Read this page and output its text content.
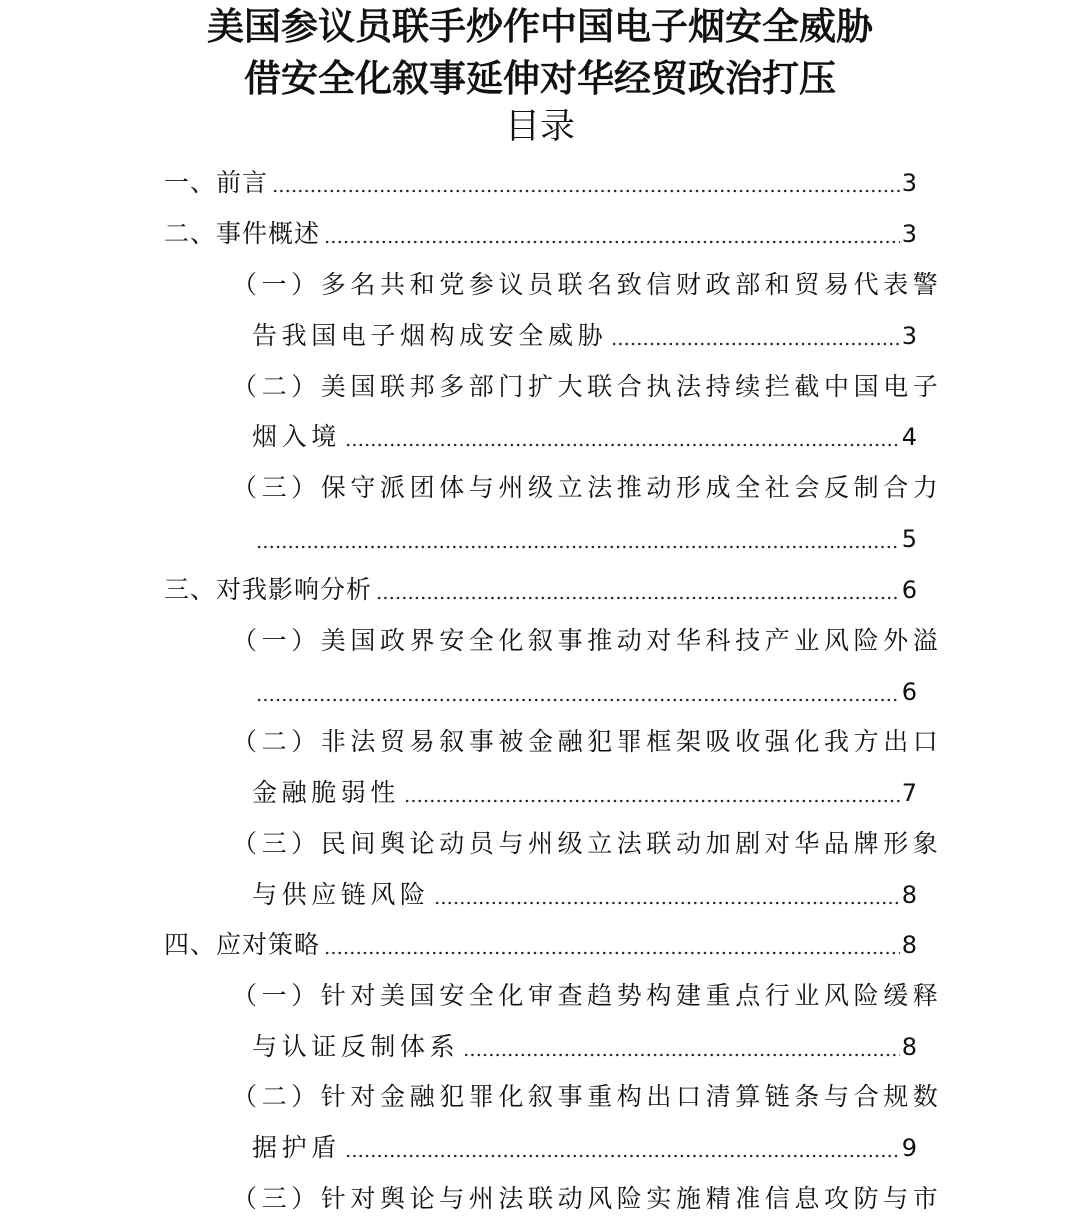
美国参议员联手炒作中国电子烟安全威胁
借安全化叙事延伸对华经贸政治打压
目录
一、前言	3
二、事件概述	3
（一）多名共和党参议员联名致信财政部和贸易代表警
告我国电子烟构成安全威胁	3
（二）美国联邦多部门扩大联合执法持续拦截中国电子
烟入境	4
（三）保守派团体与州级立法推动形成全社会反制合力
5
三、对我影响分析	6
（一）美国政界安全化叙事推动对华科技产业风险外溢
6
（二）非法贸易叙事被金融犯罪框架吸收强化我方出口
金融脆弱性	7
（三）民间舆论动员与州级立法联动加剧对华品牌形象
与供应链风险	8
四、应对策略	8
（一）针对美国安全化审查趋势构建重点行业风险缓释
与认证反制体系	8
（二）针对金融犯罪化叙事重构出口清算链条与合规数
据护盾	9
（三）针对舆论与州法联动风险实施精准信息攻防与市
